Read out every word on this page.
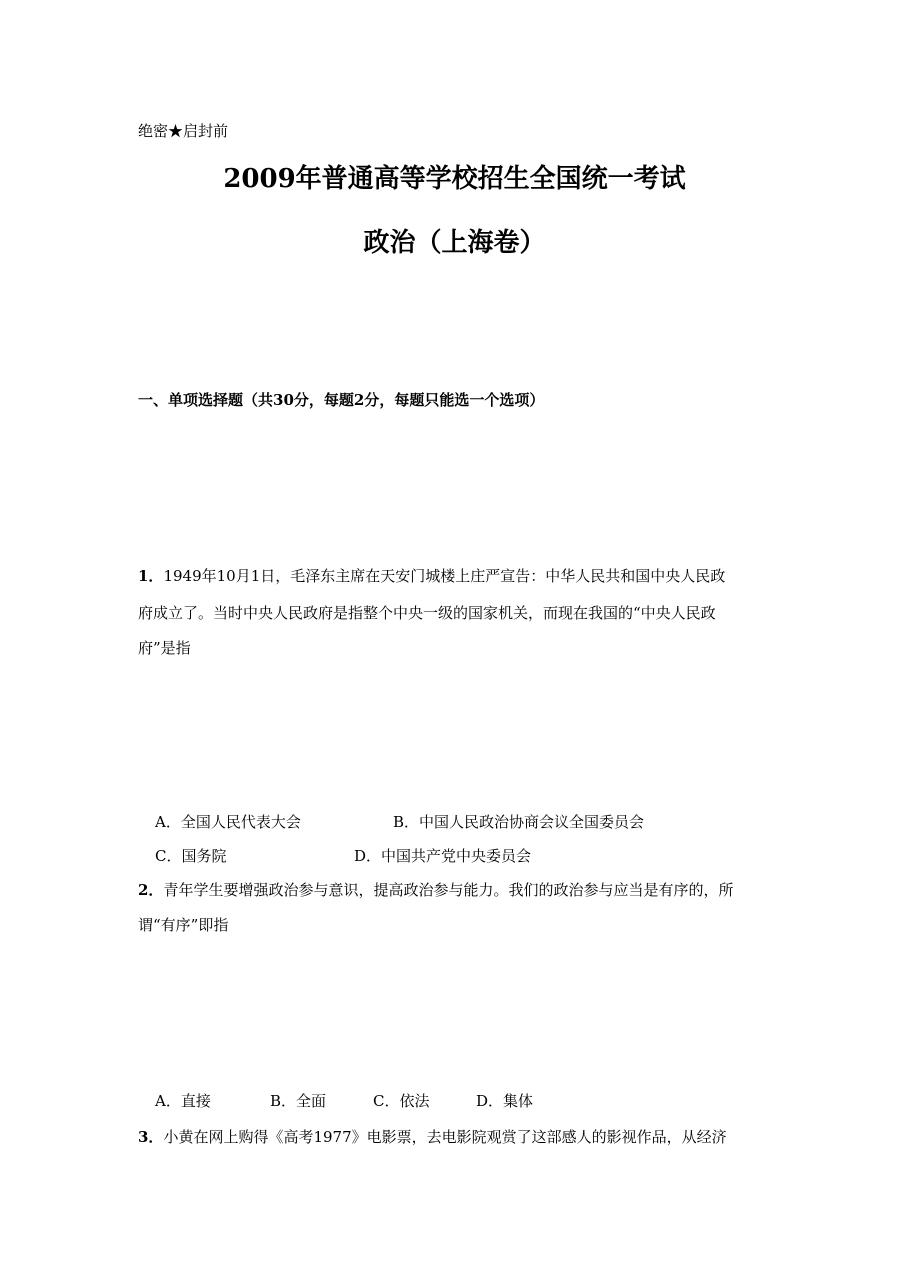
绝密★启封前
2009年普通高等学校招生全国统一考试
政治（上海卷）
一、单项选择题（共30分，每题2分，每题只能选一个选项）
1．1949年10月1日，毛泽东主席在天安门城楼上庄严宣告：中华人民共和国中央人民政
府成立了。当时中央人民政府是指整个中央一级的国家机关，而现在我国的“中央人民政
府”是指
A．全国人民代表大会	B．中国人民政治协商会议全国委员会
C．国务院	D．中国共产党中央委员会
2．青年学生要增强政治参与意识，提高政治参与能力。我们的政治参与应当是有序的，所
谓“有序”即指
A．直接	B．全面	C．依法	D．集体
3．小黄在网上购得《高考1977》电影票，去电影院观赏了这部感人的影视作品，从经济
